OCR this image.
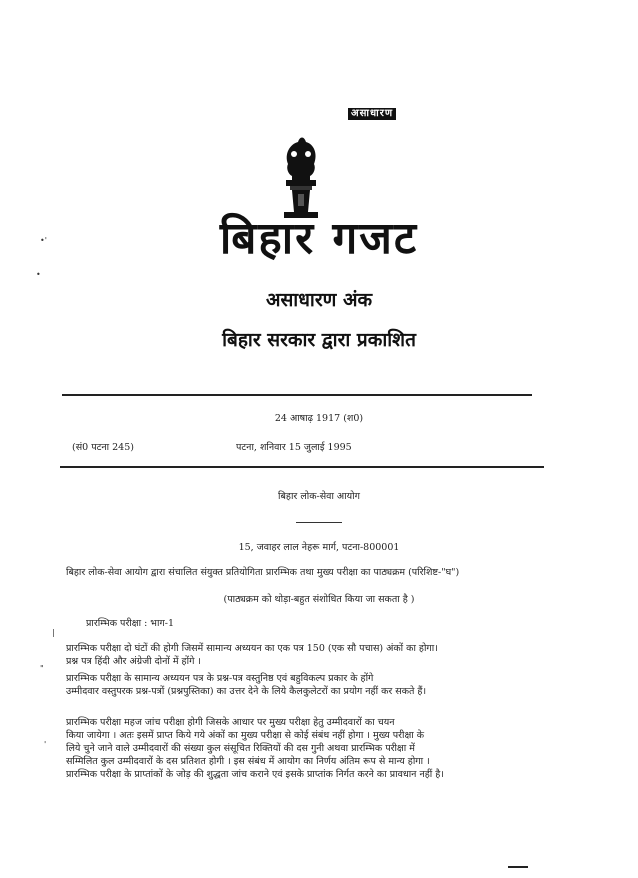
असाधारण
बिहार गजट
असाधारण अंक
बिहार सरकार द्वारा प्रकाशित
24 आषाढ़ 1917 (श0)
(सं0 पटना 245)	पटना, शनिवार 15 जुलाई 1995
बिहार लोक-सेवा आयोग
15, जवाहर लाल नेहरू मार्ग, पटना-800001
बिहार लोक-सेवा आयोग द्वारा संचालित संयुक्त प्रतियोगिता प्रारम्भिक तथा मुख्य परीक्षा का पाठ्यक्रम (परिशिष्ट-"घ")
(पाठ्यक्रम को थोड़ा-बहुत संशोधित किया जा सकता है )
प्रारम्भिक परीक्षा : भाग-1

प्रारम्भिक परीक्षा दो घंटों की होगी जिसमें सामान्य अध्ययन का एक पत्र 150 (एक सौ पचास) अंकों का होगा।

प्रश्न पत्र हिंदी और अंग्रेजी दोनों में होंगे ।

प्रारम्भिक परीक्षा के सामान्य अध्ययन पत्र के प्रश्न-पत्र वस्तुनिष्ठ एवं बहुविकल्प प्रकार के होंगे

उम्मीदवार वस्तुपरक प्रश्न-पत्रों (प्रश्नपुस्तिका) का उत्तर देने के लिये कैलकुलेटरों का प्रयोग नहीं कर सकते हैं।

प्रारम्भिक परीक्षा महज जांच परीक्षा होगी जिसके आधार पर मुख्य परीक्षा हेतु उम्मीदवारों का चयन

किया जायेगा । अतः इसमें प्राप्त किये गये अंकों का मुख्य परीक्षा से कोई संबंध नहीं होगा । मुख्य परीक्षा के

लिये चुने जाने वाले उम्मीदवारों की संख्या कुल संसूचित रिक्तियों की दस गुनी अथवा प्रारम्भिक परीक्षा में

सम्मिलित कुल उम्मीदवारों के दस प्रतिशत होगी । इस संबंध में आयोग का निर्णय अंतिम रूप से मान्य होगा ।

प्रारम्भिक परीक्षा के प्राप्तांकों के जोड़ की शुद्धता जांच कराने एवं इसके प्राप्तांक निर्गत करने का प्रावधान नहीं है।

•'
•
|
"
'
